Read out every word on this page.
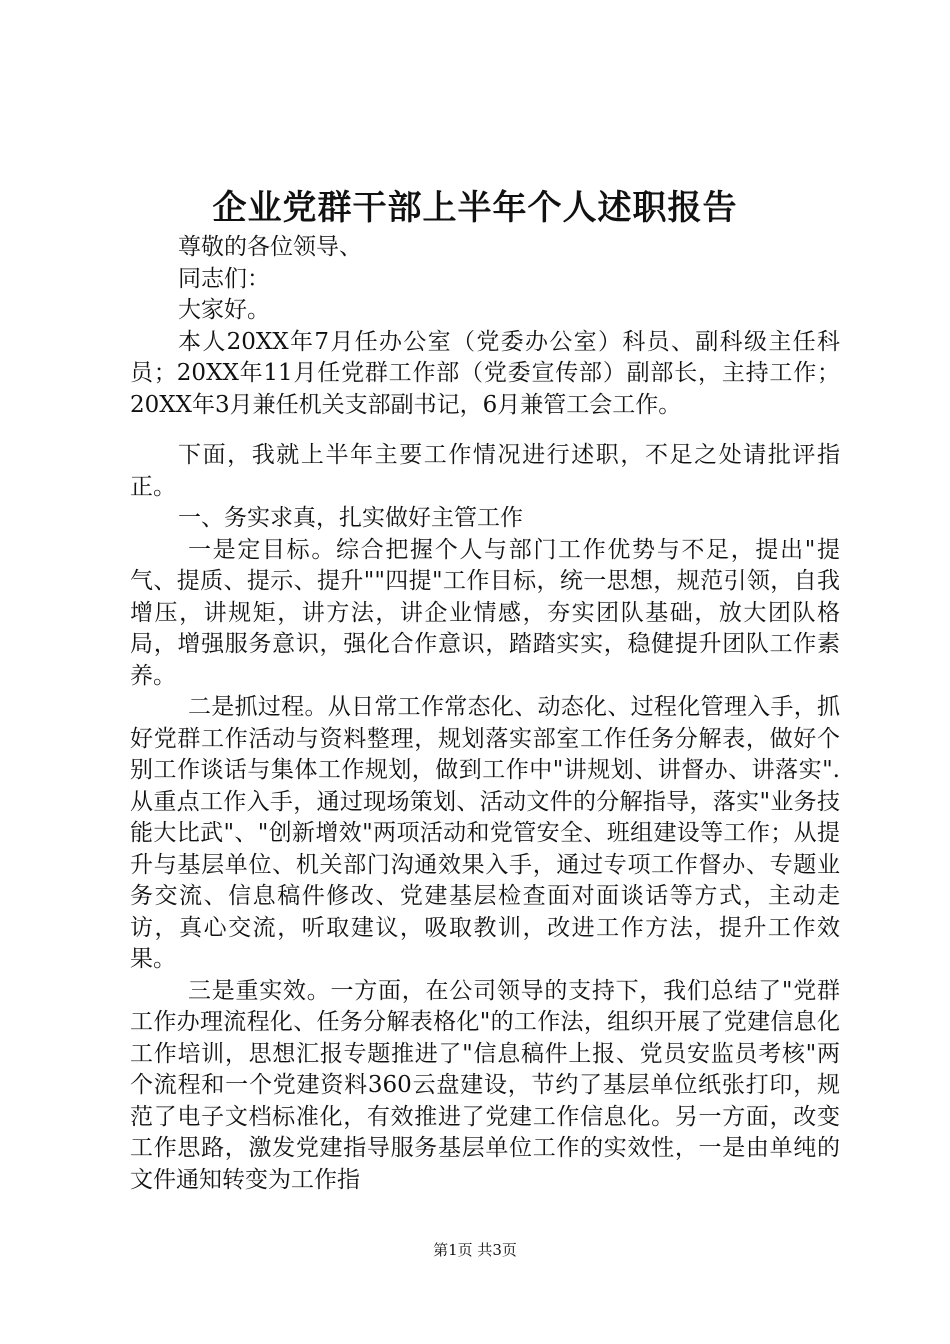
企业党群干部上半年个人述职报告

尊敬的各位领导、

同志们：

大家好。

本人20XX年7月任办公室（党委办公室）科员、副科级主任科员；20XX年11月任党群工作部（党委宣传部）副部长，主持工作；20XX年3月兼任机关支部副书记，6月兼管工会工作。

下面，我就上半年主要工作情况进行述职，不足之处请批评指正。

一、务实求真，扎实做好主管工作

一是定目标。综合把握个人与部门工作优势与不足，提出"提气、提质、提示、提升""四提"工作目标，统一思想，规范引领，自我增压，讲规矩，讲方法，讲企业情感，夯实团队基础，放大团队格局，增强服务意识，强化合作意识，踏踏实实，稳健提升团队工作素养。

二是抓过程。从日常工作常态化、动态化、过程化管理入手，抓好党群工作活动与资料整理，规划落实部室工作任务分解表，做好个别工作谈话与集体工作规划，做到工作中"讲规划、讲督办、讲落实".从重点工作入手，通过现场策划、活动文件的分解指导，落实"业务技能大比武"、"创新增效"两项活动和党管安全、班组建设等工作；从提升与基层单位、机关部门沟通效果入手，通过专项工作督办、专题业务交流、信息稿件修改、党建基层检查面对面谈话等方式，主动走访，真心交流，听取建议，吸取教训，改进工作方法，提升工作效果。

三是重实效。一方面，在公司领导的支持下，我们总结了"党群工作办理流程化、任务分解表格化"的工作法，组织开展了党建信息化工作培训，思想汇报专题推进了"信息稿件上报、党员安监员考核"两个流程和一个党建资料360云盘建设，节约了基层单位纸张打印，规范了电子文档标准化，有效推进了党建工作信息化。另一方面，改变工作思路，激发党建指导服务基层单位工作的实效性，一是由单纯的文件通知转变为工作指

第1页 共3页
